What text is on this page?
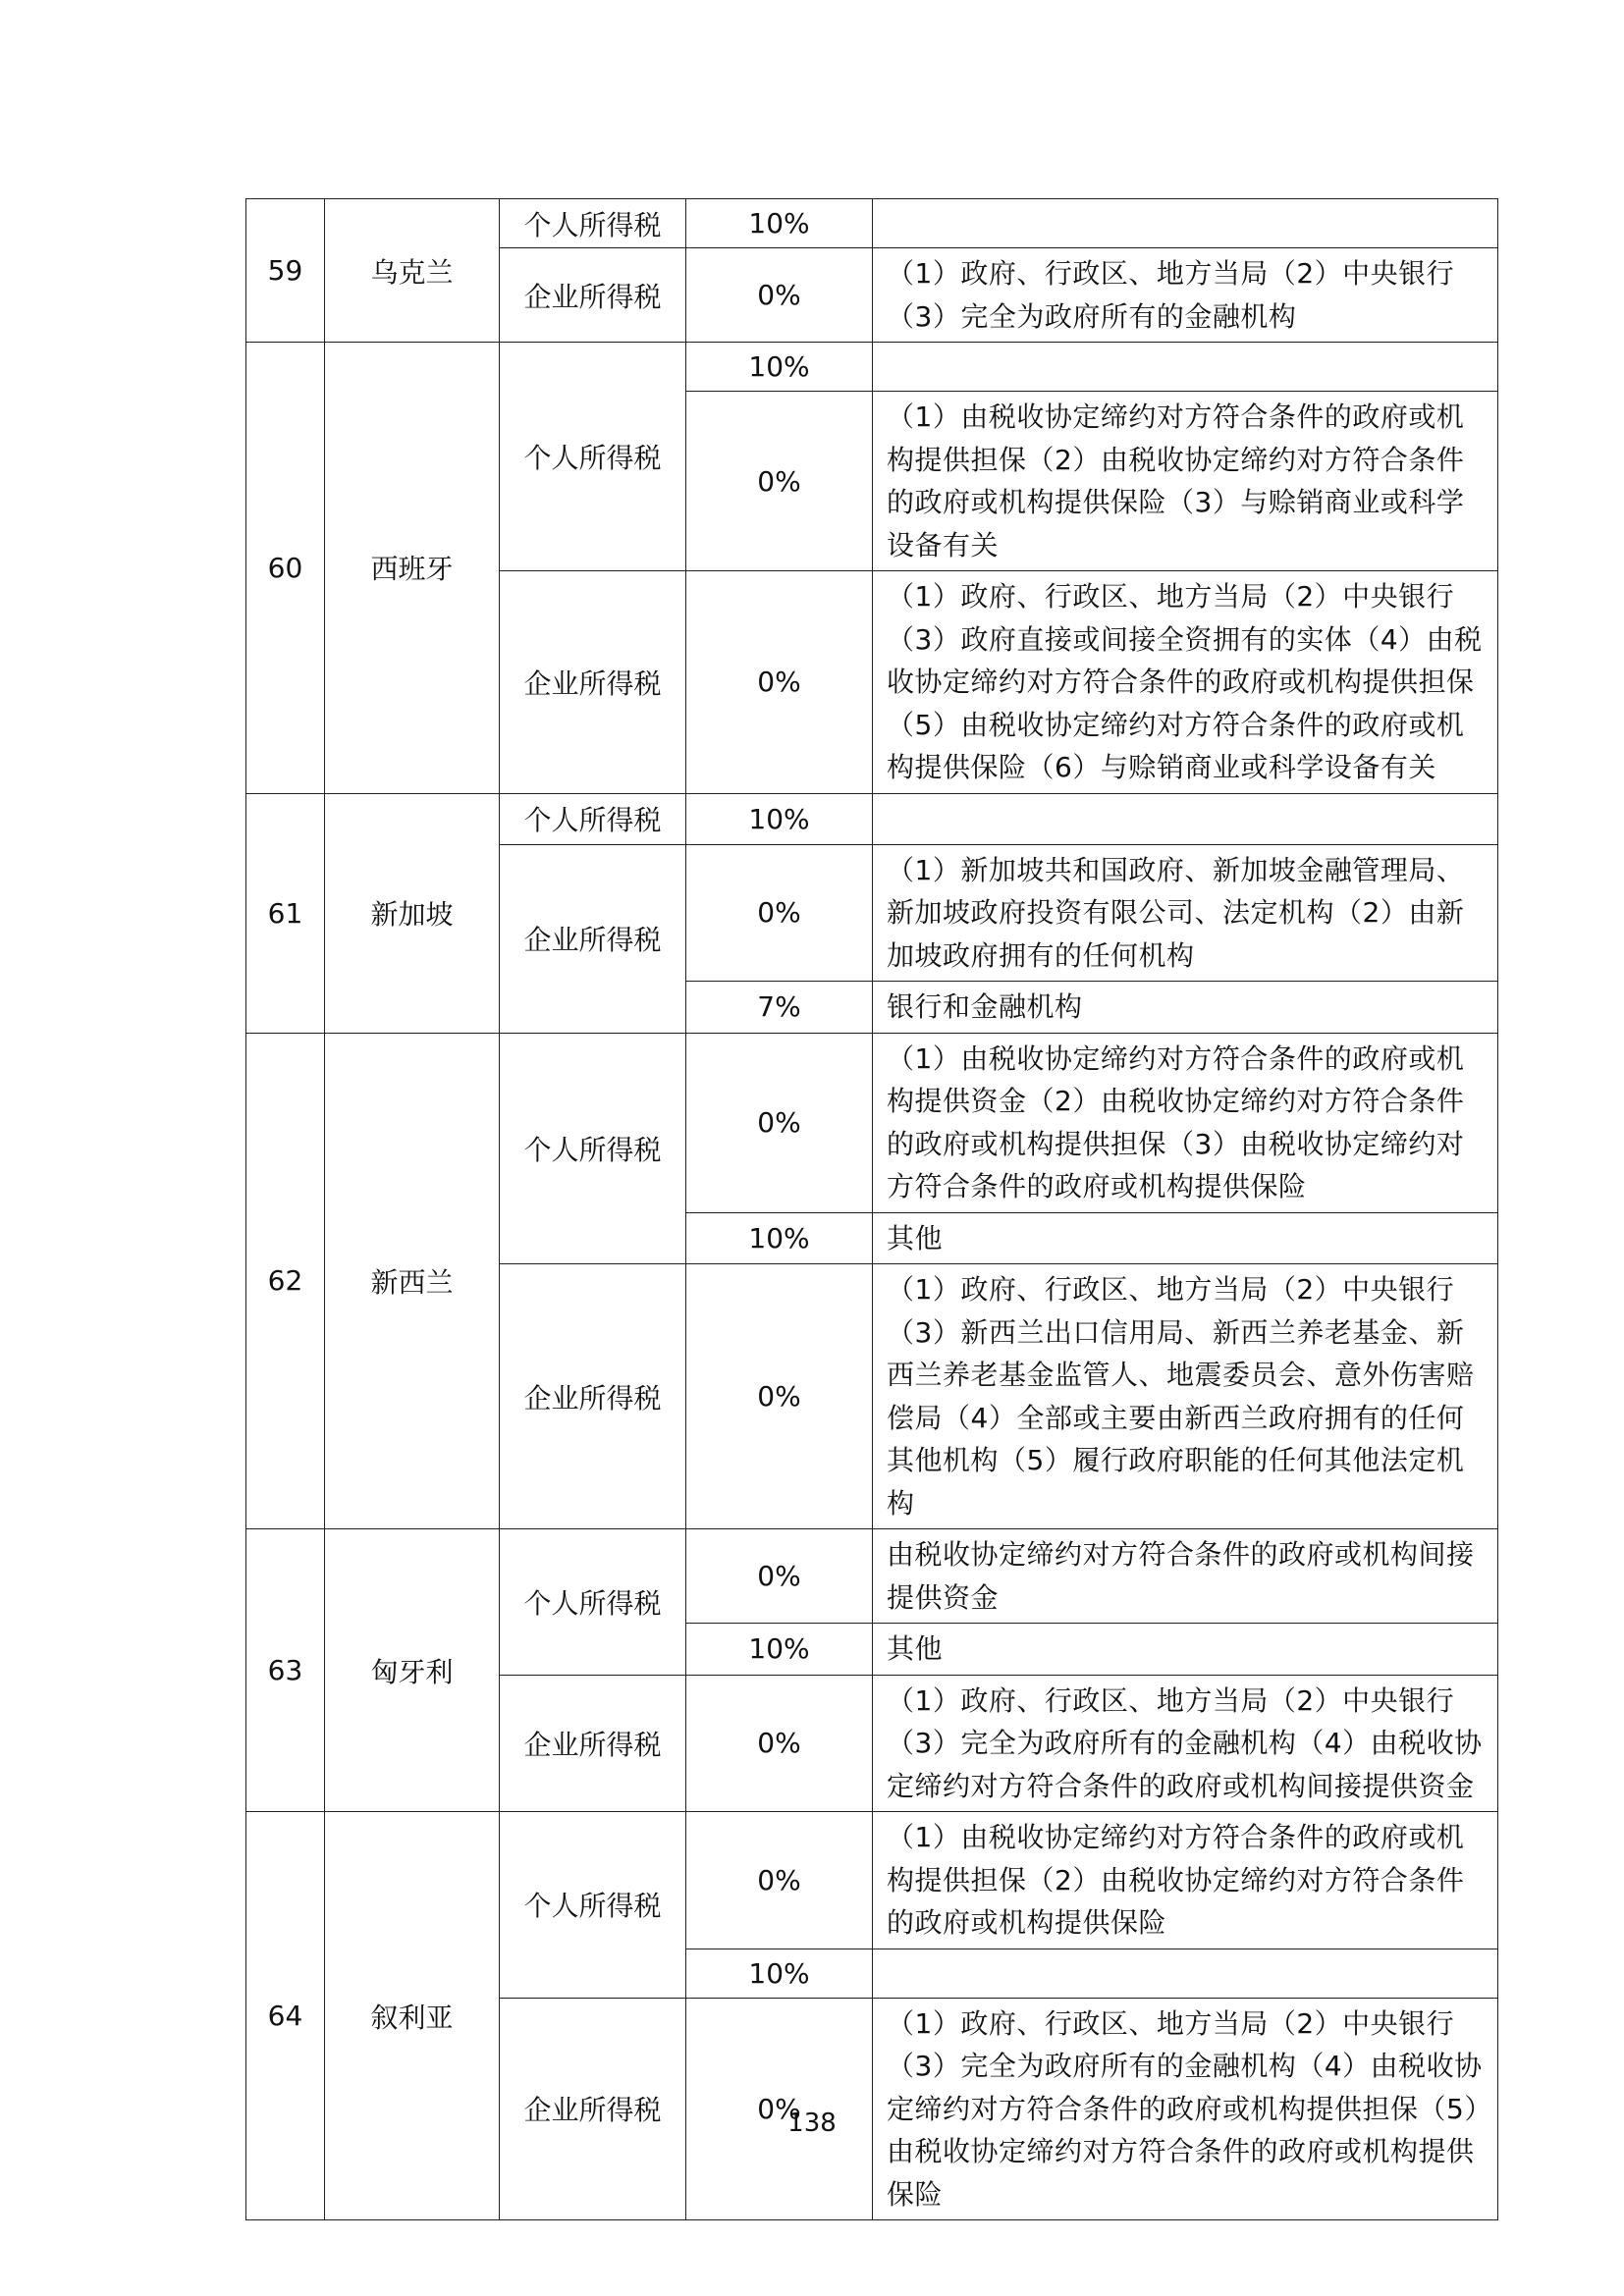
59	乌克兰	个人所得税	10%	
		企业所得税	0%	（1）政府、行政区、地方当局（2）中央银行（3）完全为政府所有的金融机构
60	西班牙	个人所得税	10%	
			0%	（1）由税收协定缔约对方符合条件的政府或机构提供担保（2）由税收协定缔约对方符合条件的政府或机构提供保险（3）与赊销商业或科学设备有关
		企业所得税	0%	（1）政府、行政区、地方当局（2）中央银行（3）政府直接或间接全资拥有的实体（4）由税收协定缔约对方符合条件的政府或机构提供担保（5）由税收协定缔约对方符合条件的政府或机构提供保险（6）与赊销商业或科学设备有关
61	新加坡	个人所得税	10%	
		企业所得税	0%	（1）新加坡共和国政府、新加坡金融管理局、新加坡政府投资有限公司、法定机构（2）由新加坡政府拥有的任何机构
			7%	银行和金融机构
62	新西兰	个人所得税	0%	（1）由税收协定缔约对方符合条件的政府或机构提供资金（2）由税收协定缔约对方符合条件的政府或机构提供担保（3）由税收协定缔约对方符合条件的政府或机构提供保险
			10%	其他
		企业所得税	0%	（1）政府、行政区、地方当局（2）中央银行（3）新西兰出口信用局、新西兰养老基金、新西兰养老基金监管人、地震委员会、意外伤害赔偿局（4）全部或主要由新西兰政府拥有的任何其他机构（5）履行政府职能的任何其他法定机构
63	匈牙利	个人所得税	0%	由税收协定缔约对方符合条件的政府或机构间接提供资金
			10%	其他
		企业所得税	0%	（1）政府、行政区、地方当局（2）中央银行（3）完全为政府所有的金融机构（4）由税收协定缔约对方符合条件的政府或机构间接提供资金
64	叙利亚	个人所得税	0%	（1）由税收协定缔约对方符合条件的政府或机构提供担保（2）由税收协定缔约对方符合条件的政府或机构提供保险
			10%	
		企业所得税	0%	（1）政府、行政区、地方当局（2）中央银行（3）完全为政府所有的金融机构（4）由税收协定缔约对方符合条件的政府或机构提供担保（5）由税收协定缔约对方符合条件的政府或机构提供保险
138
